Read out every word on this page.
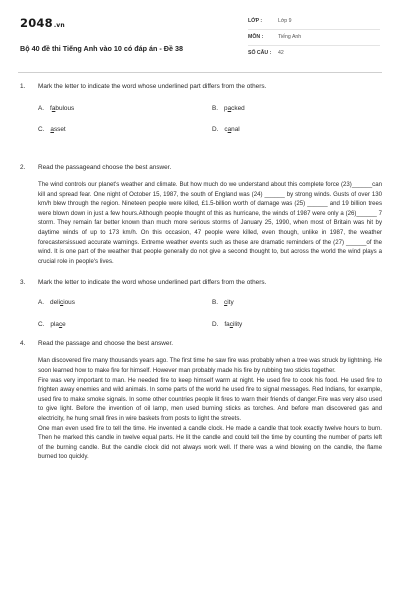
2048.vn
Bộ 40 đề thi Tiếng Anh vào 10 có đáp án - Đề 38
LỚP :	Lớp 9
MÔN :	Tiếng Anh
SỐ CÂU : 42
1. Mark the letter to indicate the word whose underlined part differs from the others.
A. fabulous	B. packed
C. asset	D. canal
2. Read the passageand choose the best answer.

The wind controls our planet's weather and climate. But how much do we understand about this complete force (23)______can kill and spread fear. One night of October 15, 1987, the south of England was (24) ______ by strong winds. Gusts of over 130 km/h blew through the region. Nineteen people were killed, £1.5-billion worth of damage was (25) ______ and 19 billion trees were blown down in just a few hours.Although people thought of this as hurricane, the winds of 1987 were only a (26)______ 7 storm. They remain far better known than much more serious storms of January 25, 1990, when most of Britain was hit by daytime winds of up to 173 km/h. On this occasion, 47 people were killed, even though, unlike in 1987, the weather forecastersissued accurate warnings. Extreme weather events such as these are dramatic reminders of the (27) ______of the wind. It is one part of the weather that people generally do not give a second thought to, but across the world the wind plays a crucial role in people's lives.

3. Mark the letter to indicate the word whose underlined part differs from the others.
A. delicious	B. city
C. place	D. facility
4. Read the passage and choose the best answer.

Man discovered fire many thousands years ago. The first time he saw fire was probably when a tree was struck by lightning. He soon learned how to make fire for himself. However man probably made his fire by rubbing two sticks together.

Fire was very important to man. He needed fire to keep himself warm at night. He used fire to cook his food. He used fire to frighten away enemies and wild animals. In some parts of the world he used fire to signal messages. Red Indians, for example, used fire to make smoke signals. In some other countries people lit fires to warn their friends of danger.Fire was very also used to give light. Before the invention of oil lamp, men used burning sticks as torches. And before man discovered gas and electricity, he hung small fires in wire baskets from posts to light the streets.

One man even used fire to tell the time. He invented a candle clock. He made a candle that took exactly twelve hours to burn. Then he marked this candle in twelve equal parts. He lit the candle and could tell the time by counting the number of parts left of the burning candle. But the candle clock did not always work well. If there was a wind blowing on the candle, the flame burned too quickly.
